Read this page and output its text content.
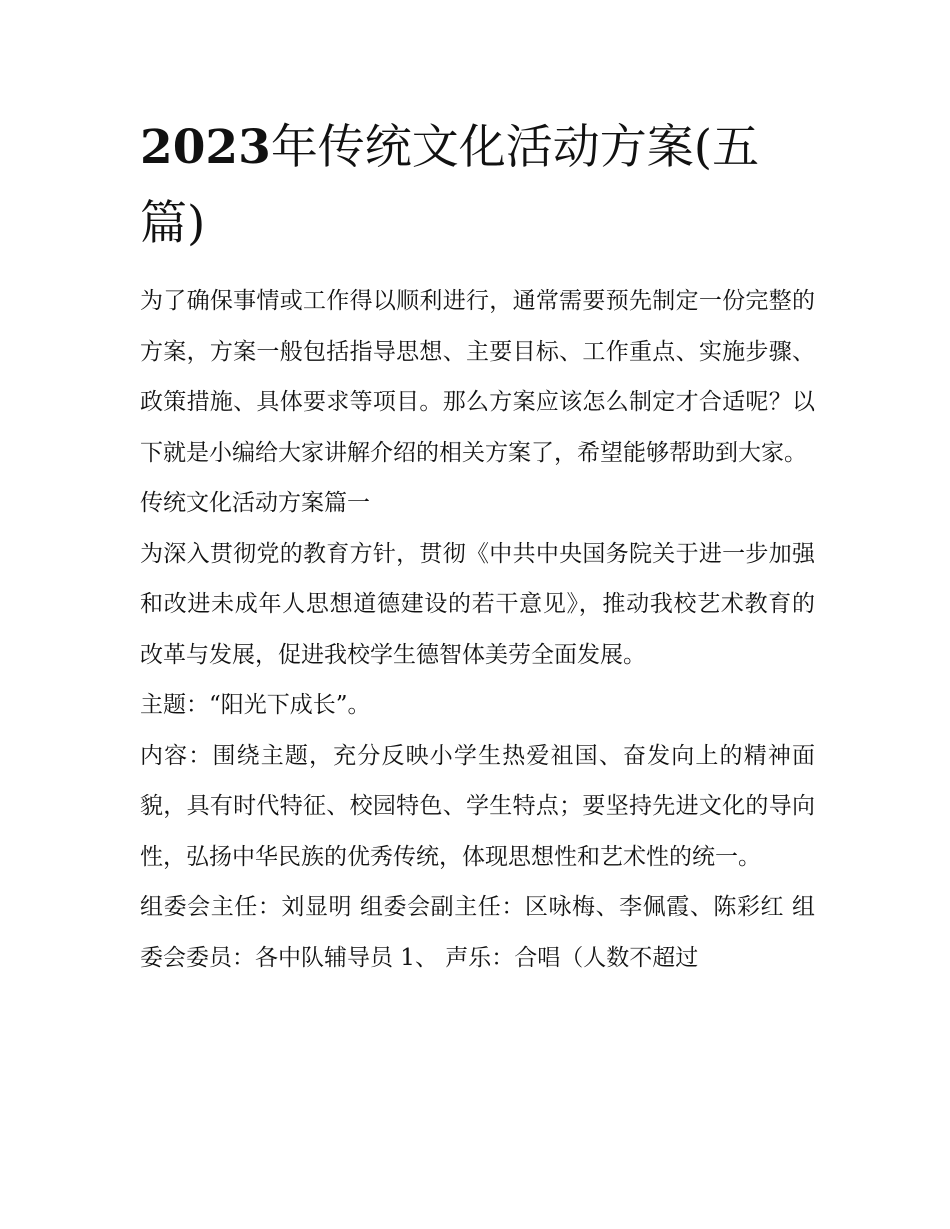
2023年传统文化活动方案(五篇)

为了确保事情或工作得以顺利进行，通常需要预先制定一份完整的方案，方案一般包括指导思想、主要目标、工作重点、实施步骤、政策措施、具体要求等项目。那么方案应该怎么制定才合适呢？以下就是小编给大家讲解介绍的相关方案了，希望能够帮助到大家。

传统文化活动方案篇一

为深入贯彻党的教育方针，贯彻《中共中央国务院关于进一步加强和改进未成年人思想道德建设的若干意见》，推动我校艺术教育的改革与发展，促进我校学生德智体美劳全面发展。

主题：“阳光下成长”。

内容：围绕主题，充分反映小学生热爱祖国、奋发向上的精神面貌，具有时代特征、校园特色、学生特点；要坚持先进文化的导向性，弘扬中华民族的优秀传统，体现思想性和艺术性的统一。

组委会主任：刘显明 组委会副主任：区咏梅、李佩霞、陈彩红 组委会委员：各中队辅导员 1、 声乐：合唱（人数不超过
